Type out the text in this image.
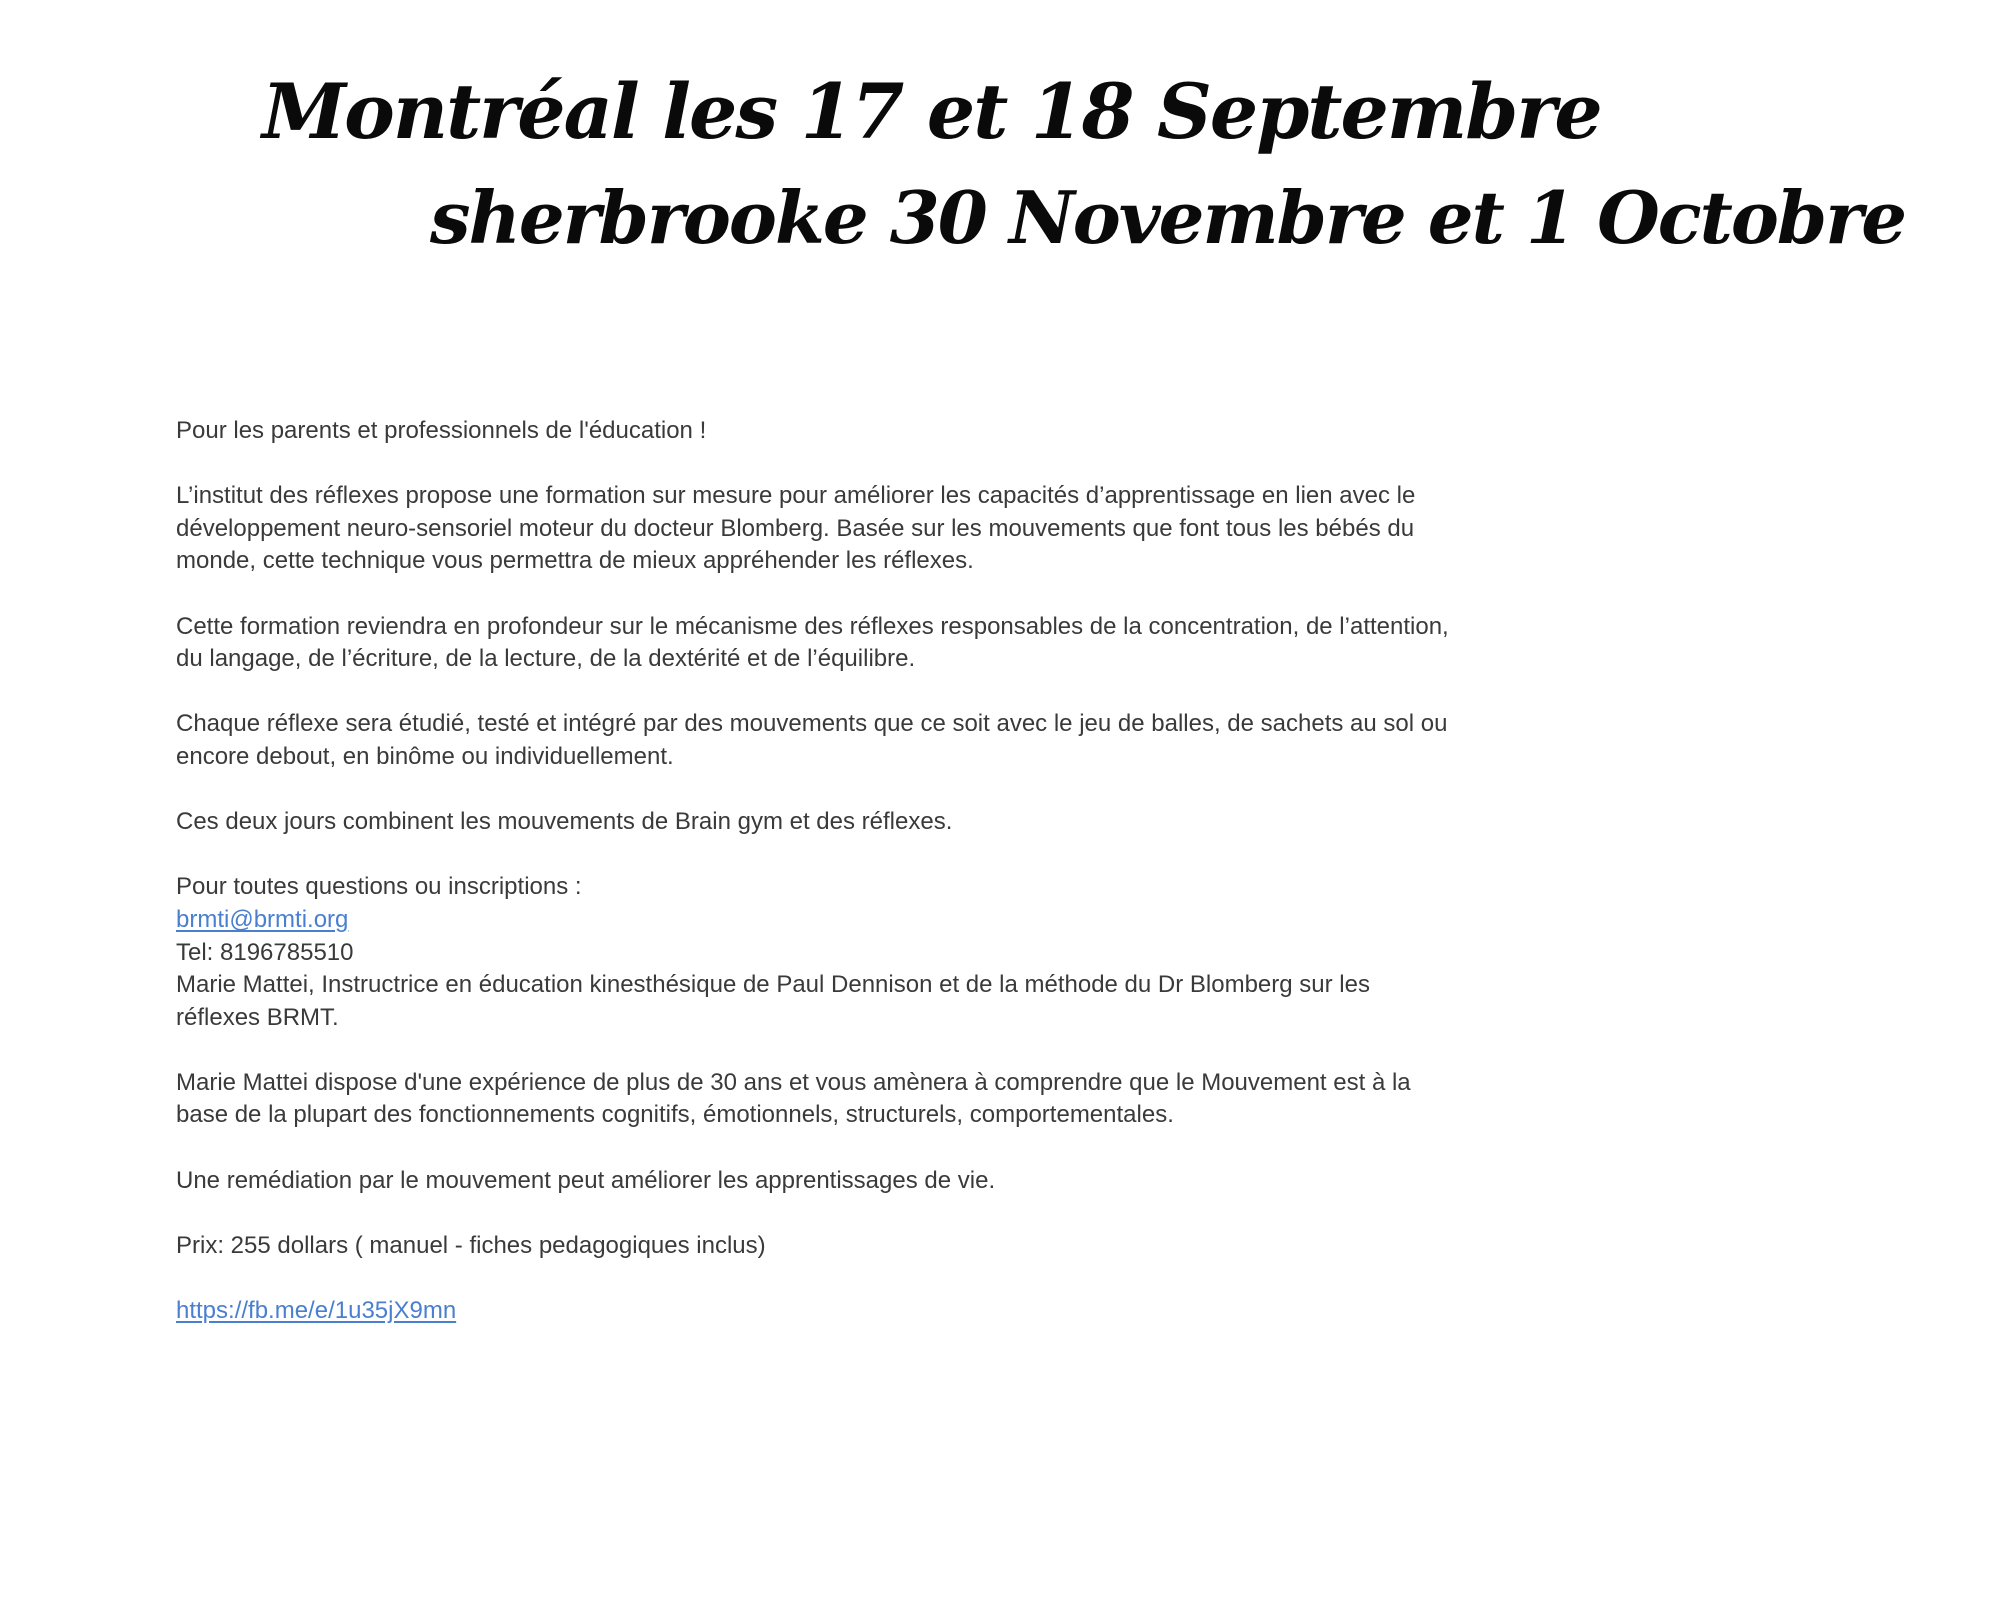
Montréal les 17 et 18 Septembre
sherbrooke 30 Novembre et 1 Octobre

Pour les parents et professionnels de l'éducation !

L’institut des réflexes propose une formation sur mesure pour améliorer les capacités d’apprentissage en lien avec le
développement neuro-sensoriel moteur du docteur Blomberg. Basée sur les mouvements que font tous les bébés du
monde, cette technique vous permettra de mieux appréhender les réflexes.

Cette formation reviendra en profondeur sur le mécanisme des réflexes responsables de la concentration, de l’attention,
du langage, de l’écriture, de la lecture, de la dextérité et de l’équilibre.

Chaque réflexe sera étudié, testé et intégré par des mouvements que ce soit avec le jeu de balles, de sachets au sol ou
encore debout, en binôme ou individuellement.

Ces deux jours combinent les mouvements de Brain gym et des réflexes.

Pour toutes questions ou inscriptions :

brmti@brmti.org

Tel: 8196785510

Marie Mattei, Instructrice en éducation kinesthésique de Paul Dennison et de la méthode du Dr Blomberg sur les
réflexes BRMT.

Marie Mattei dispose d'une expérience de plus de 30 ans et vous amènera à comprendre que le Mouvement est à la
base de la plupart des fonctionnements cognitifs, émotionnels, structurels, comportementales.

Une remédiation par le mouvement peut améliorer les apprentissages de vie.

Prix: 255 dollars ( manuel - fiches pedagogiques inclus)

https://fb.me/e/1u35jX9mn
